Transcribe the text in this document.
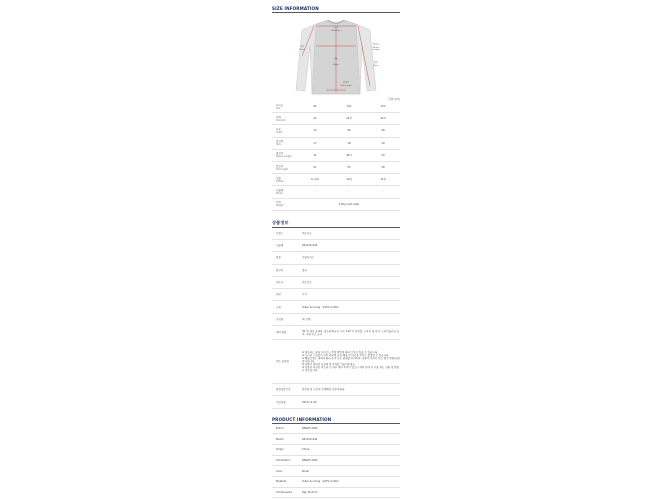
SIZE INFORMATION
어깨
Shoulder
가슴
Chest
팔길이
Sleeve
Length
밑단
Hem
Tag
Waist
총길이
Full Length
단위 (cm)
사이즈
Size	8A	10A	12A
어깨
Shoulder	41	41.5	44.5
가슴
Chest	44	46	48
밑단폭
Hem	17	18	19
팔길이
Sleeve Length	41	46.3	50
총길이
Full Length	51	55	58
모델
Fit/Size	8~9세	10세	12세
모델명
Model	-	-	-
무게
Weight	0.2kg (12A Size)		
상품정보
브랜드	겐조키즈
모델명	K61410-949
종류	긴팔티셔츠
원산지	중국
제조사	겐조키즈
색상	카키
소재	Outer & Lining : 100% Cotton
구성품	택, 본품
세탁 방법	30 ℃ 에서 울세탁, 염소표백금지, 건조 110 ℃ 다림질, 드라이 세 금지, 드라이클리닝 금지, 석재 건조 금지
제조 보관법	※ 제공되는 표와 사이즈는 측정 방법에 따라 오차가 있을 수 있습니다.
※ 모니터 스타일의 사은 목록에 공유 해당 된 다로운 차이는 발생할 수 있습니다.
※ 해당브랜드 세척에 따라 옷의 모든 형태를 유지하며, 상품의 하자가 아닌 경우 반품/교환 불가합니다.
※ 상품의 세탁과 보관에 꼭 주의를 기울여주세요.
※ 상품의 특성상 리트와 무 외부 세탁 주의가 있으니 세탁 후에 이 사용 하는 교환 및 반품이 불가합니다.
품질보증기준	관련법 및 소비자 분쟁해결 규정에 따름
수입연월	2015-11-06
PRODUCT INFORMATION
Brand	KENZO KIDS
Model	K61410-949
Origin	China
Information	KENZO KIDS
Color	Khaki
Material	Outer & Lining : 100% Cotton
Components	Tag, Product
